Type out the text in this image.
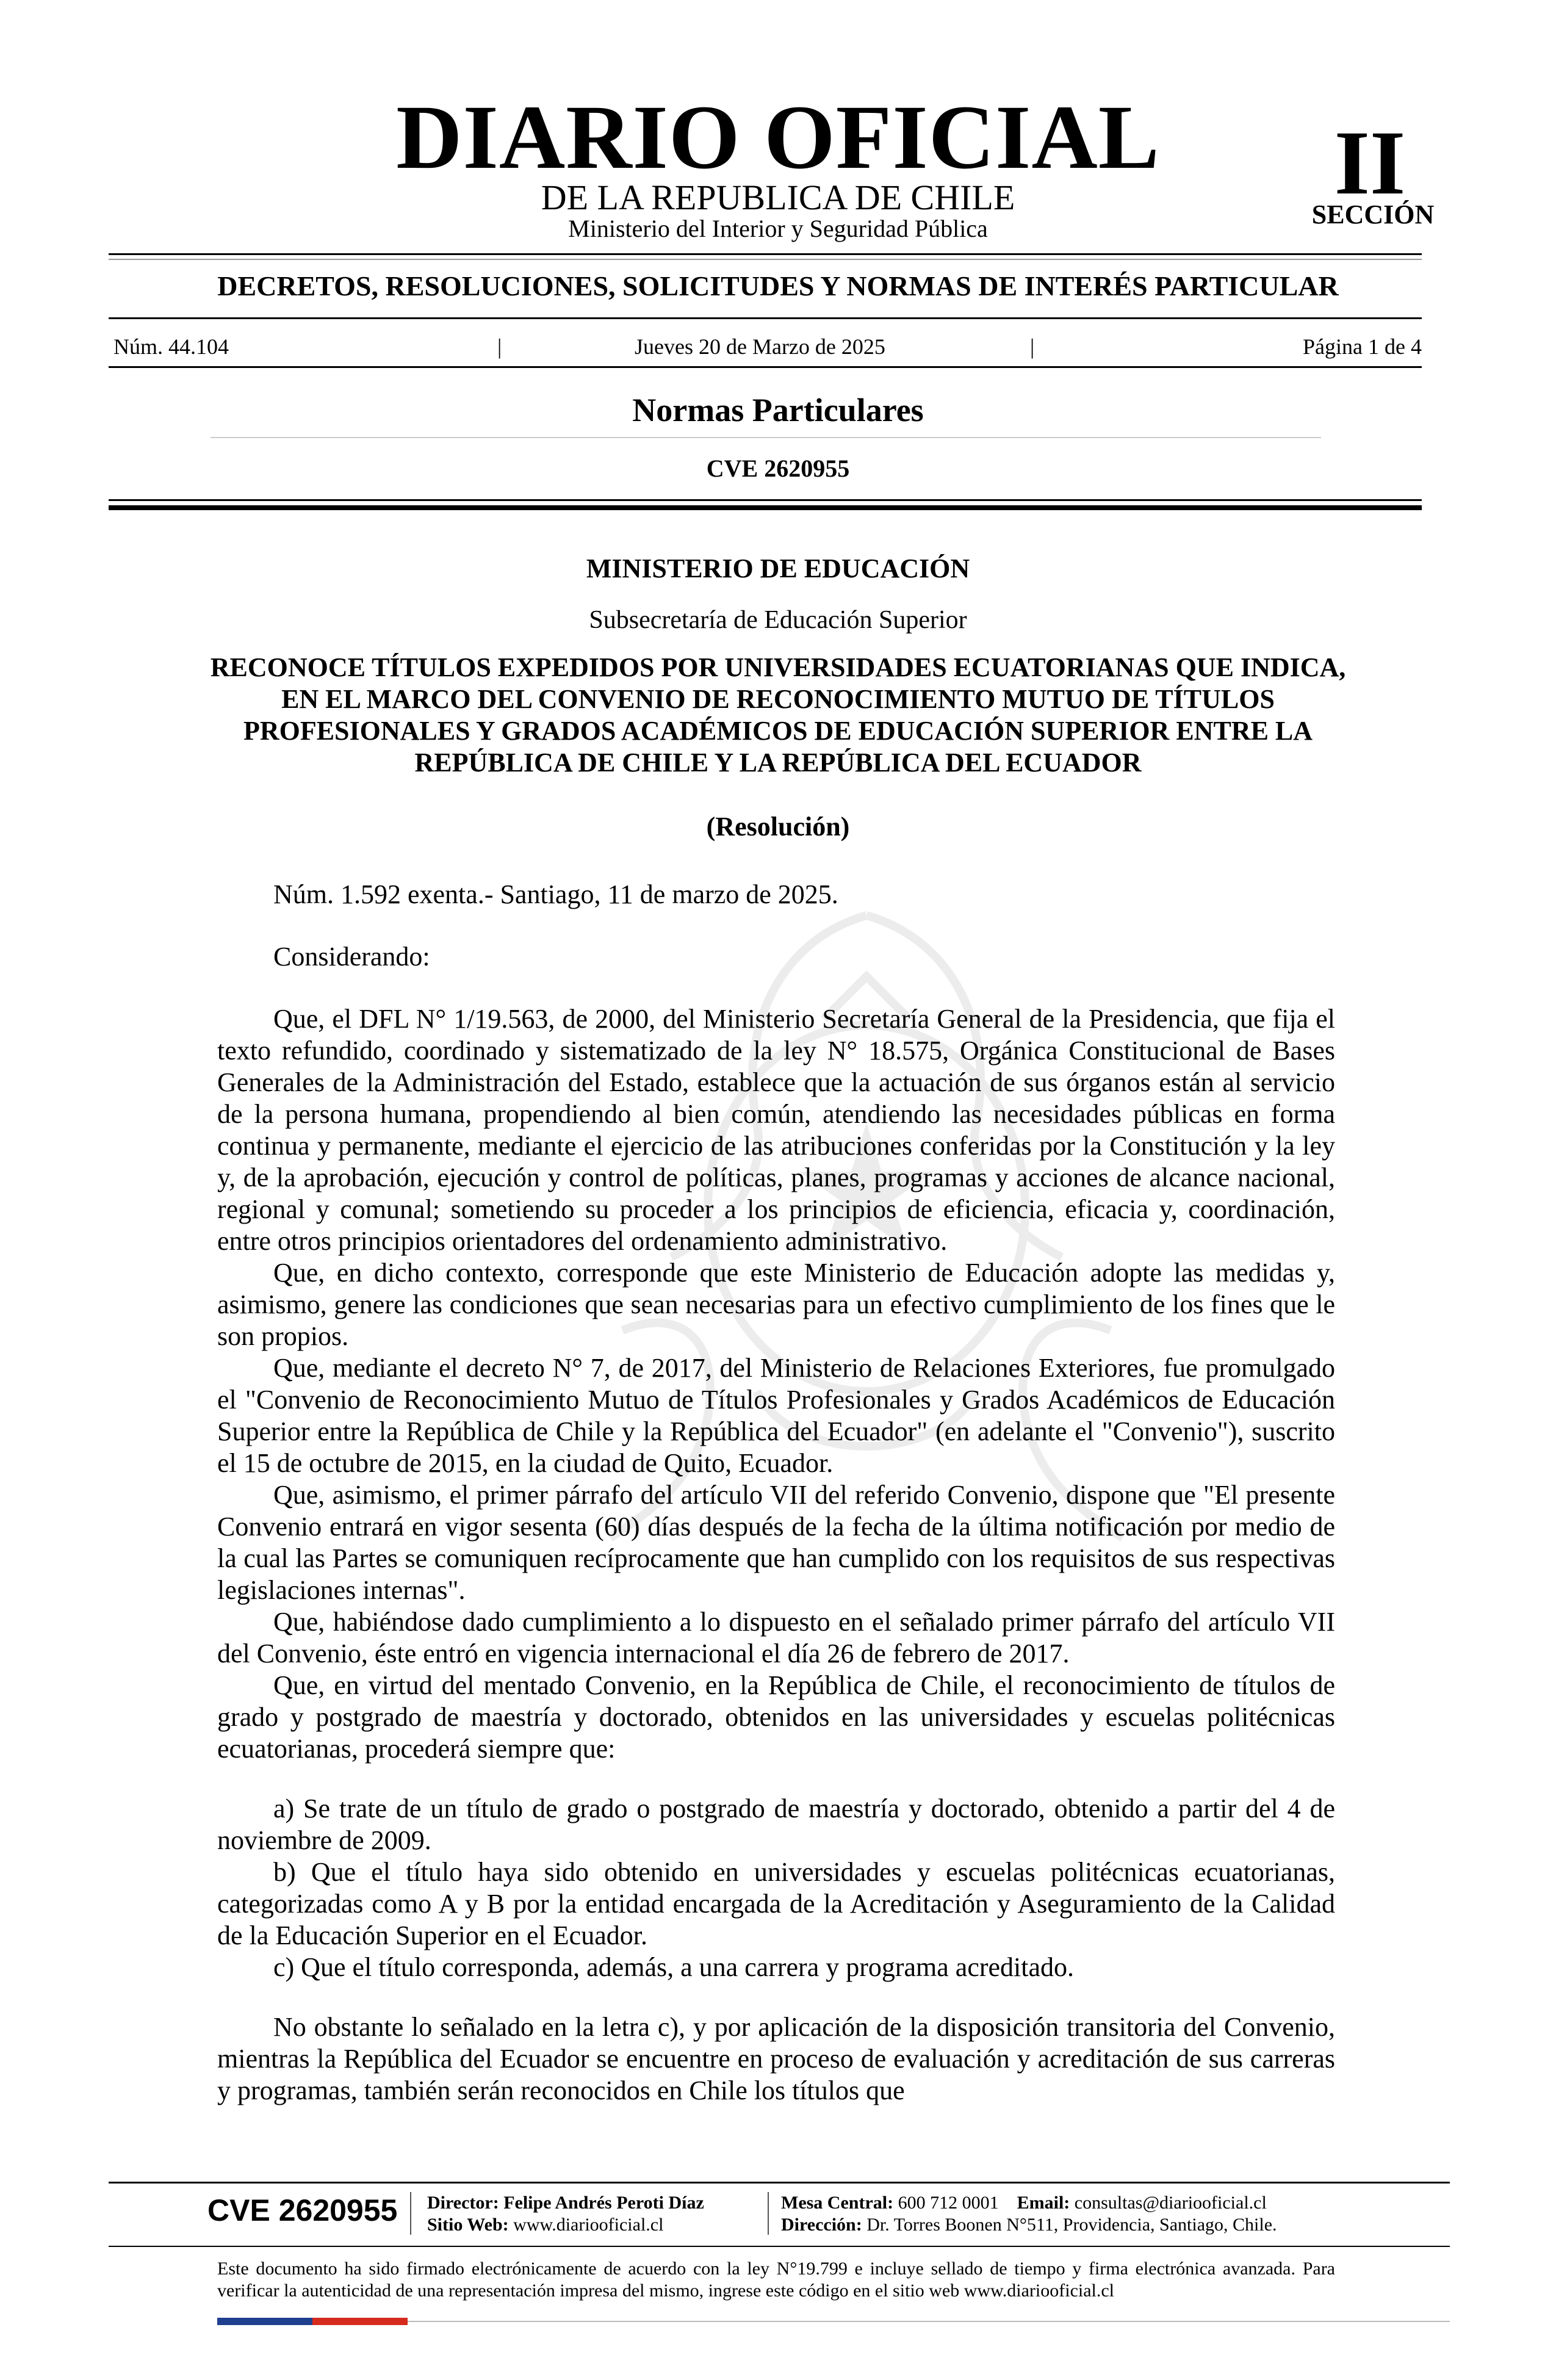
DIARIO OFICIAL
DE LA REPUBLICA DE CHILE
Ministerio del Interior y Seguridad Pública
II
SECCIÓN
DECRETOS, RESOLUCIONES, SOLICITUDES Y NORMAS DE INTERÉS PARTICULAR
Núm. 44.104	|	Jueves 20 de Marzo de 2025	|	Página 1 de 4
Normas Particulares
CVE 2620955
MINISTERIO DE EDUCACIÓN
Subsecretaría de Educación Superior
RECONOCE TÍTULOS EXPEDIDOS POR UNIVERSIDADES ECUATORIANAS QUE INDICA, EN EL MARCO DEL CONVENIO DE RECONOCIMIENTO MUTUO DE TÍTULOS PROFESIONALES Y GRADOS ACADÉMICOS DE EDUCACIÓN SUPERIOR ENTRE LA REPÚBLICA DE CHILE Y LA REPÚBLICA DEL ECUADOR
(Resolución)

Núm. 1.592 exenta.- Santiago, 11 de marzo de 2025.

Considerando:

Que, el DFL N° 1/19.563, de 2000, del Ministerio Secretaría General de la Presidencia, que fija el texto refundido, coordinado y sistematizado de la ley N° 18.575, Orgánica Constitucional de Bases Generales de la Administración del Estado, establece que la actuación de sus órganos están al servicio de la persona humana, propendiendo al bien común, atendiendo las necesidades públicas en forma continua y permanente, mediante el ejercicio de las atribuciones conferidas por la Constitución y la ley y, de la aprobación, ejecución y control de políticas, planes, programas y acciones de alcance nacional, regional y comunal; sometiendo su proceder a los principios de eficiencia, eficacia y, coordinación, entre otros principios orientadores del ordenamiento administrativo.

Que, en dicho contexto, corresponde que este Ministerio de Educación adopte las medidas y, asimismo, genere las condiciones que sean necesarias para un efectivo cumplimiento de los fines que le son propios.

Que, mediante el decreto N° 7, de 2017, del Ministerio de Relaciones Exteriores, fue promulgado el "Convenio de Reconocimiento Mutuo de Títulos Profesionales y Grados Académicos de Educación Superior entre la República de Chile y la República del Ecuador" (en adelante el "Convenio"), suscrito el 15 de octubre de 2015, en la ciudad de Quito, Ecuador.

Que, asimismo, el primer párrafo del artículo VII del referido Convenio, dispone que "El presente Convenio entrará en vigor sesenta (60) días después de la fecha de la última notificación por medio de la cual las Partes se comuniquen recíprocamente que han cumplido con los requisitos de sus respectivas legislaciones internas".

Que, habiéndose dado cumplimiento a lo dispuesto en el señalado primer párrafo del artículo VII del Convenio, éste entró en vigencia internacional el día 26 de febrero de 2017.

Que, en virtud del mentado Convenio, en la República de Chile, el reconocimiento de títulos de grado y postgrado de maestría y doctorado, obtenidos en las universidades y escuelas politécnicas ecuatorianas, procederá siempre que:

a) Se trate de un título de grado o postgrado de maestría y doctorado, obtenido a partir del 4 de noviembre de 2009.

b) Que el título haya sido obtenido en universidades y escuelas politécnicas ecuatorianas, categorizadas como A y B por la entidad encargada de la Acreditación y Aseguramiento de la Calidad de la Educación Superior en el Ecuador.

c) Que el título corresponda, además, a una carrera y programa acreditado.

No obstante lo señalado en la letra c), y por aplicación de la disposición transitoria del Convenio, mientras la República del Ecuador se encuentre en proceso de evaluación y acreditación de sus carreras y programas, también serán reconocidos en Chile los títulos que

CVE 2620955 Director: Felipe Andrés Peroti Díaz
Sitio Web: www.diariooficial.cl
Mesa Central: 600 712 0001 Email: consultas@diariooficial.cl
Dirección: Dr. Torres Boonen N°511, Providencia, Santiago, Chile.
Este documento ha sido firmado electrónicamente de acuerdo con la ley N°19.799 e incluye sellado de tiempo y firma electrónica avanzada. Para verificar la autenticidad de una representación impresa del mismo, ingrese este código en el sitio web www.diariooficial.cl
